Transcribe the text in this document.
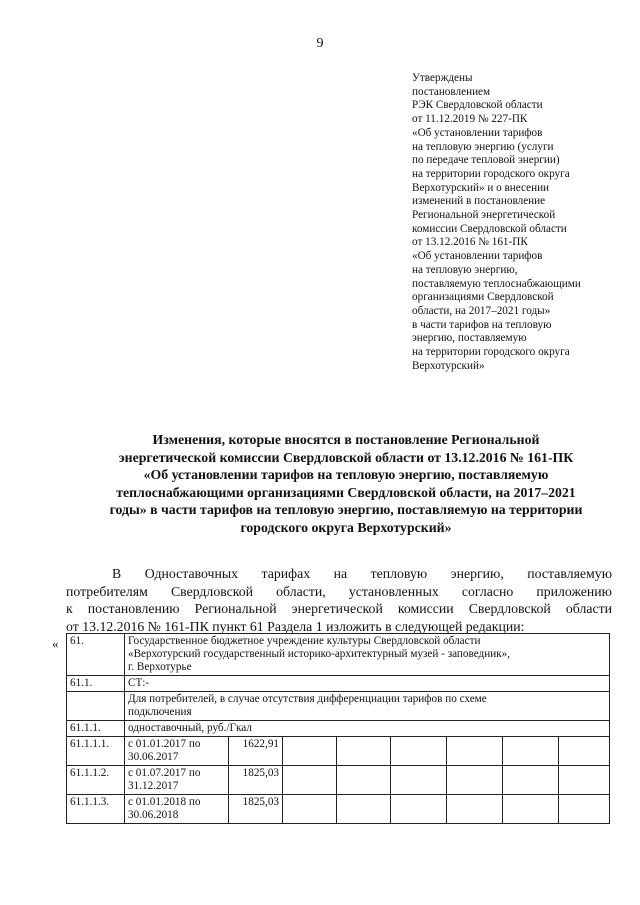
9
Утверждены
постановлением
РЭК Свердловской области
от 11.12.2019 № 227-ПК
«Об установлении тарифов
на тепловую энергию (услуги
по передаче тепловой энергии)
на территории городского округа
Верхотурский» и о внесении
изменений в постановление
Региональной энергетической
комиссии Свердловской области
от 13.12.2016 № 161-ПК
«Об установлении тарифов
на тепловую энергию,
поставляемую теплоснабжающими
организациями Свердловской
области, на 2017–2021 годы»
в части тарифов на тепловую
энергию, поставляемую
на территории городского округа
Верхотурский»
Изменения, которые вносятся в постановление Региональной
энергетической комиссии Свердловской области от 13.12.2016 № 161-ПК
«Об установлении тарифов на тепловую энергию, поставляемую
теплоснабжающими организациями Свердловской области, на 2017–2021
годы» в части тарифов на тепловую энергию, поставляемую на территории
городского округа Верхотурский»
В Одноставочных тарифах на тепловую энергию, поставляемую
потребителям Свердловской области, установленных согласно приложению
к постановлению Региональной энергетической комиссии Свердловской области
от 13.12.2016 № 161-ПК пункт 61 Раздела 1 изложить в следующей редакции:
« 61.	Государственное бюджетное учреждение культуры Свердловской области
«Верхотурский государственный историко-архитектурный музей - заповедник»,
г. Верхотурье							

61.1.	СТ:-							

	Для потребителей, в случае отсутствия дифференциации тарифов по схеме
подключения							

61.1.1.	одноставочный, руб./Гкал							
61.1.1.1.	с 01.01.2017 по
30.06.2017	1622,91						
61.1.1.2.	с 01.07.2017 по
31.12.2017	1825,03						
61.1.1.3.	с 01.01.2018 по
30.06.2018	1825,03						
